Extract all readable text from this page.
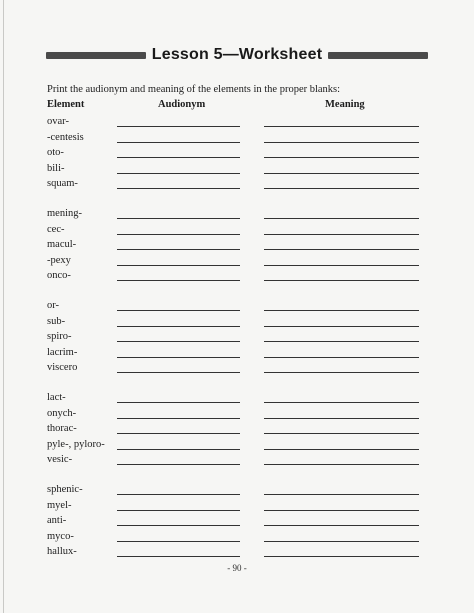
Lesson 5—Worksheet
Print the audionym and meaning of the elements in the proper blanks:
Element	Audionym	Meaning
ovar-
-centesis
oto-
bili-
squam-
mening-
cec-
macul-
-pexy
onco-
or-
sub-
spiro-
lacrim-
viscero
lact-
onych-
thorac-
pyle-, pyloro-
vesic-
sphenic-
myel-
anti-
myco-
hallux-
- 90 -
